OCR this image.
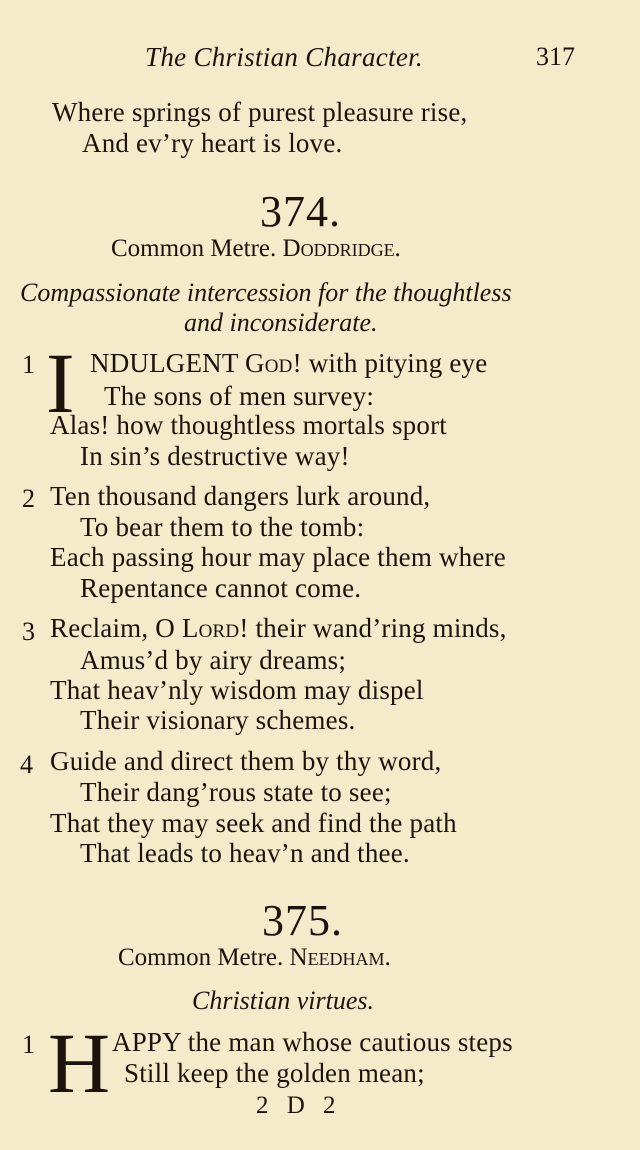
The Christian Character.	317
Where springs of purest pleasure rise,
And ev’ry heart is love.
374.
Common Metre. Doddridge.
Compassionate intercession for the thoughtless
and inconsiderate.
1 I NDULGENT God! with pitying eye
The sons of men survey:
Alas! how thoughtless mortals sport
In sin’s destructive way!
2 Ten thousand dangers lurk around,
To bear them to the tomb:
Each passing hour may place them where
Repentance cannot come.
3 Reclaim, O Lord! their wand’ring minds,
Amus’d by airy dreams;
That heav’nly wisdom may dispel
Their visionary schemes.
4 Guide and direct them by thy word,
Their dang’rous state to see;
That they may seek and find the path
That leads to heav’n and thee.
375.
Common Metre. Needham.
Christian virtues.
1 H APPY the man whose cautious steps
Still keep the golden mean;
2 D 2
